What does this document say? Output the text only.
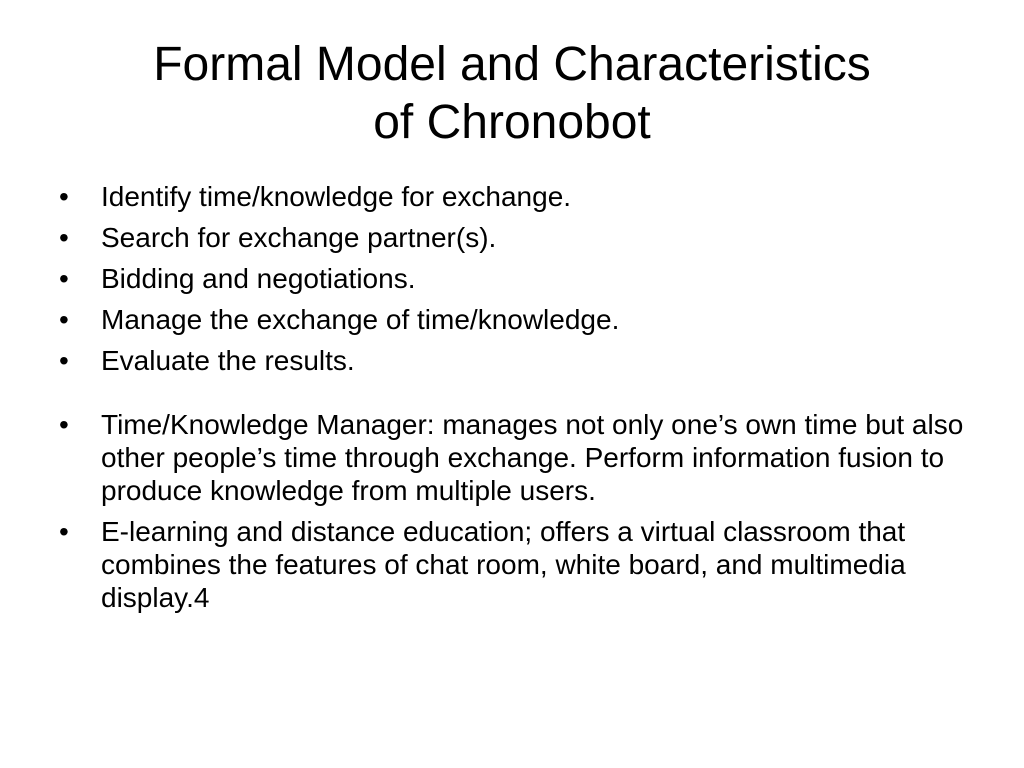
Formal Model and Characteristics
of Chronobot
• Identify time/knowledge for exchange.
• Search for exchange partner(s).
• Bidding and negotiations.
• Manage the exchange of time/knowledge.
• Evaluate the results.
• Time/Knowledge Manager: manages not only one’s own time but also other people’s time through exchange. Perform information fusion to produce knowledge from multiple users.
• E-learning and distance education; offers a virtual classroom that combines the features of chat room, white board, and multimedia display.4
